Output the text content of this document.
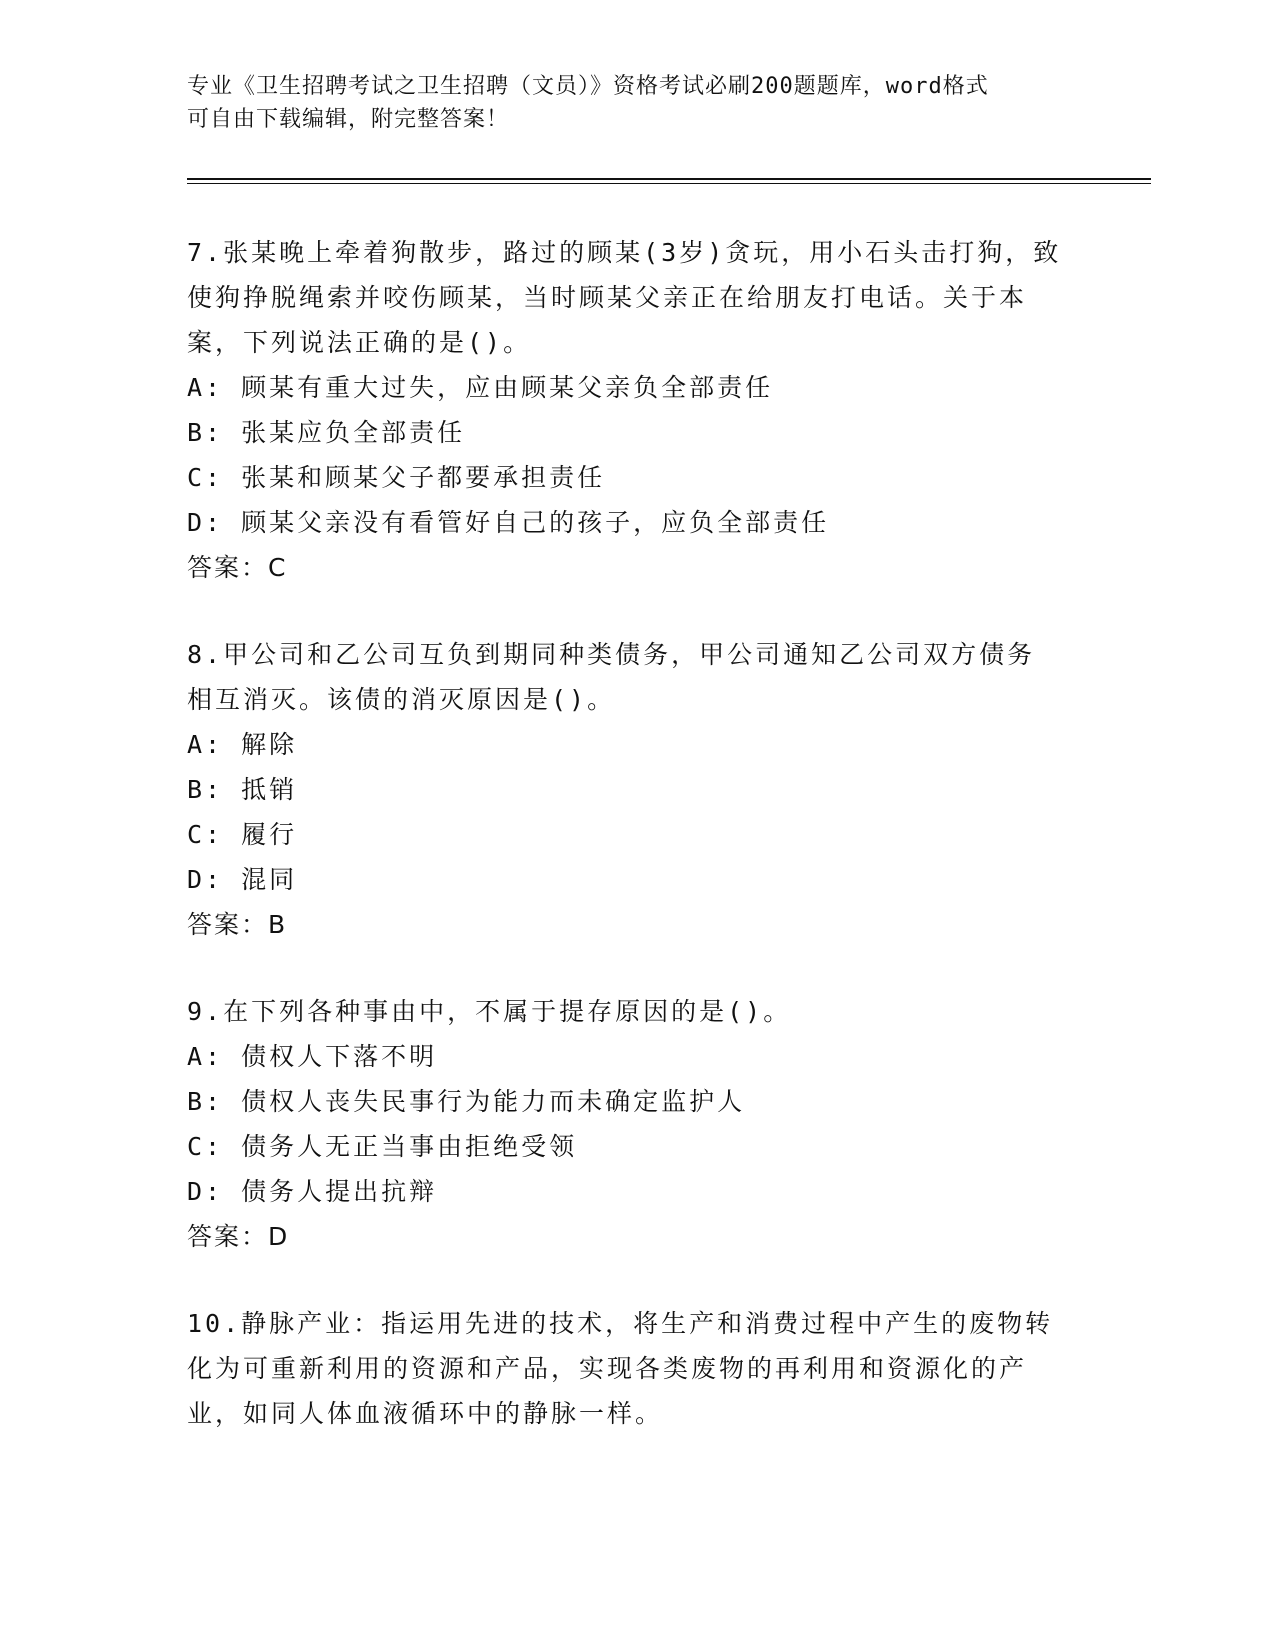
专业《卫生招聘考试之卫生招聘（文员）》资格考试必刷200题题库，word格式
可自由下载编辑，附完整答案！
7.张某晚上牵着狗散步，路过的顾某(3岁)贪玩，用小石头击打狗，致
使狗挣脱绳索并咬伤顾某，当时顾某父亲正在给朋友打电话。关于本
案，下列说法正确的是()。
A: 顾某有重大过失，应由顾某父亲负全部责任
B: 张某应负全部责任
C: 张某和顾某父子都要承担责任
D: 顾某父亲没有看管好自己的孩子，应负全部责任
答案：C
8.甲公司和乙公司互负到期同种类债务，甲公司通知乙公司双方债务
相互消灭。该债的消灭原因是()。
A: 解除
B: 抵销
C: 履行
D: 混同
答案：B
9.在下列各种事由中，不属于提存原因的是()。
A: 债权人下落不明
B: 债权人丧失民事行为能力而未确定监护人
C: 债务人无正当事由拒绝受领
D: 债务人提出抗辩
答案：D
10.静脉产业：指运用先进的技术，将生产和消费过程中产生的废物转
化为可重新利用的资源和产品，实现各类废物的再利用和资源化的产
业，如同人体血液循环中的静脉一样。
